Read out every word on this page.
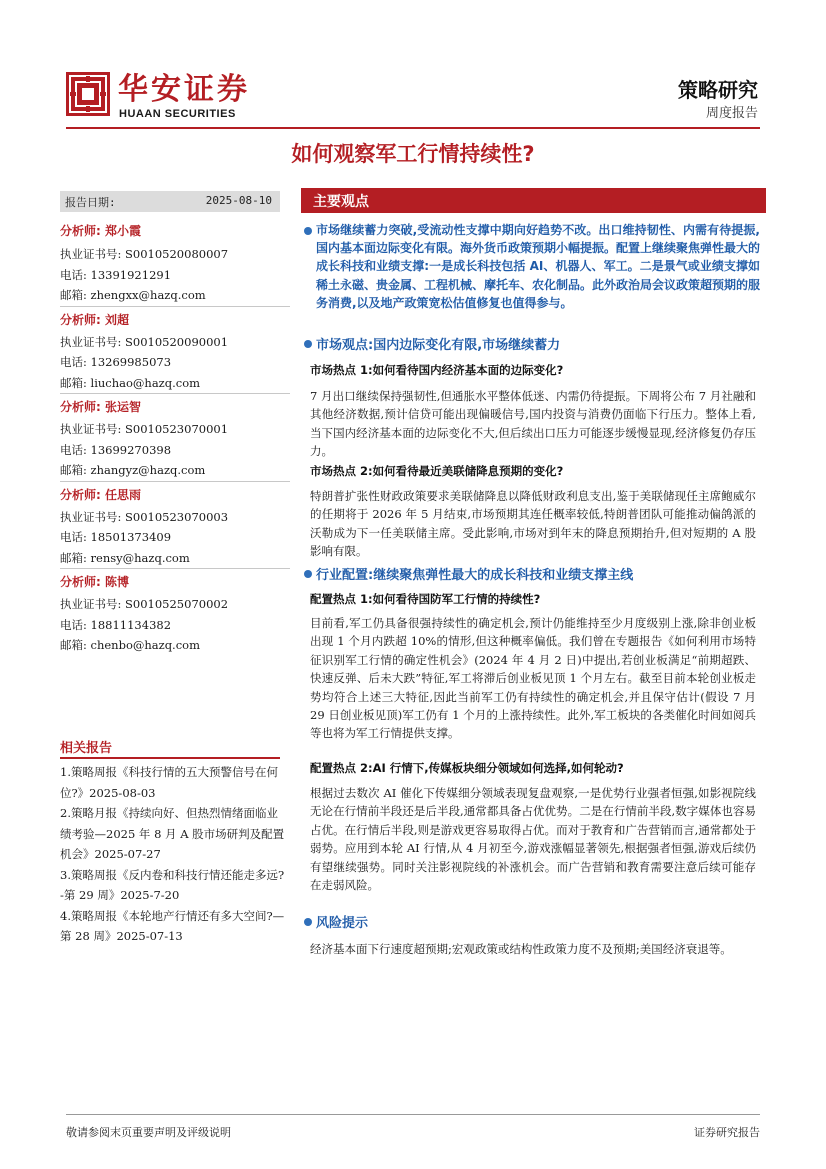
华安证券
HUAAN SECURITIES
策略研究
周度报告
如何观察军工行情持续性?
报告日期:	2025-08-10
分析师: 郑小霞
执业证书号: S0010520080007
电话: 13391921291
邮箱: zhengxx@hazq.com
分析师: 刘超
执业证书号: S0010520090001
电话: 13269985073
邮箱: liuchao@hazq.com
分析师: 张运智
执业证书号: S0010523070001
电话: 13699270398
邮箱: zhangyz@hazq.com
分析师: 任思雨
执业证书号: S0010523070003
电话: 18501373409
邮箱: rensy@hazq.com
分析师: 陈博
执业证书号: S0010525070002
电话: 18811134382
邮箱: chenbo@hazq.com
相关报告
1.策略周报《科技行情的五大预警信号在何位?》2025-08-03
2.策略月报《持续向好、但热烈情绪面临业绩考验—2025 年 8 月 A 股市场研判及配置机会》2025-07-27
3.策略周报《反内卷和科技行情还能走多远?-第 29 周》2025-7-20
4.策略周报《本轮地产行情还有多大空间?—第 28 周》2025-07-13
主要观点
市场继续蓄力突破,受流动性支撑中期向好趋势不改。出口维持韧性、内需有待提振,国内基本面边际变化有限。海外货币政策预期小幅提振。配置上继续聚焦弹性最大的成长科技和业绩支撑:一是成长科技包括 AI、机器人、军工。二是景气或业绩支撑如稀土永磁、贵金属、工程机械、摩托车、农化制品。此外政治局会议政策超预期的服务消费,以及地产政策宽松估值修复也值得参与。
市场观点:国内边际变化有限,市场继续蓄力
市场热点 1:如何看待国内经济基本面的边际变化?
7 月出口继续保持强韧性,但通胀水平整体低迷、内需仍待提振。下周将公布 7 月社融和其他经济数据,预计信贷可能出现偏暖信号,国内投资与消费仍面临下行压力。整体上看,当下国内经济基本面的边际变化不大,但后续出口压力可能逐步缓慢显现,经济修复仍存压力。
市场热点 2:如何看待最近美联储降息预期的变化?
特朗普扩张性财政政策要求美联储降息以降低财政利息支出,鉴于美联储现任主席鲍威尔的任期将于 2026 年 5 月结束,市场预期其连任概率较低,特朗普团队可能推动偏鸽派的沃勒成为下一任美联储主席。受此影响,市场对到年末的降息预期抬升,但对短期的 A 股影响有限。
行业配置:继续聚焦弹性最大的成长科技和业绩支撑主线
配置热点 1:如何看待国防军工行情的持续性?
目前看,军工仍具备很强持续性的确定机会,预计仍能维持至少月度级别上涨,除非创业板出现 1 个月内跌超 10%的情形,但这种概率偏低。我们曾在专题报告《如何利用市场特征识别军工行情的确定性机会》(2024 年 4 月 2 日)中提出,若创业板满足“前期超跌、快速反弹、后未大跌”特征,军工将滞后创业板见顶 1 个月左右。截至目前本轮创业板走势均符合上述三大特征,因此当前军工仍有持续性的确定机会,并且保守估计(假设 7 月 29 日创业板见顶)军工仍有 1 个月的上涨持续性。此外,军工板块的各类催化时间如阅兵等也将为军工行情提供支撑。
配置热点 2:AI 行情下,传媒板块细分领域如何选择,如何轮动?
根据过去数次 AI 催化下传媒细分领域表现复盘观察,一是优势行业强者恒强,如影视院线无论在行情前半段还是后半段,通常都具备占优优势。二是在行情前半段,数字媒体也容易占优。在行情后半段,则是游戏更容易取得占优。而对于教育和广告营销而言,通常都处于弱势。应用到本轮 AI 行情,从 4 月初至今,游戏涨幅显著领先,根据强者恒强,游戏后续仍有望继续强势。同时关注影视院线的补涨机会。而广告营销和教育需要注意后续可能存在走弱风险。
风险提示
经济基本面下行速度超预期;宏观政策或结构性政策力度不及预期;美国经济衰退等。
敬请参阅末页重要声明及评级说明	证券研究报告
